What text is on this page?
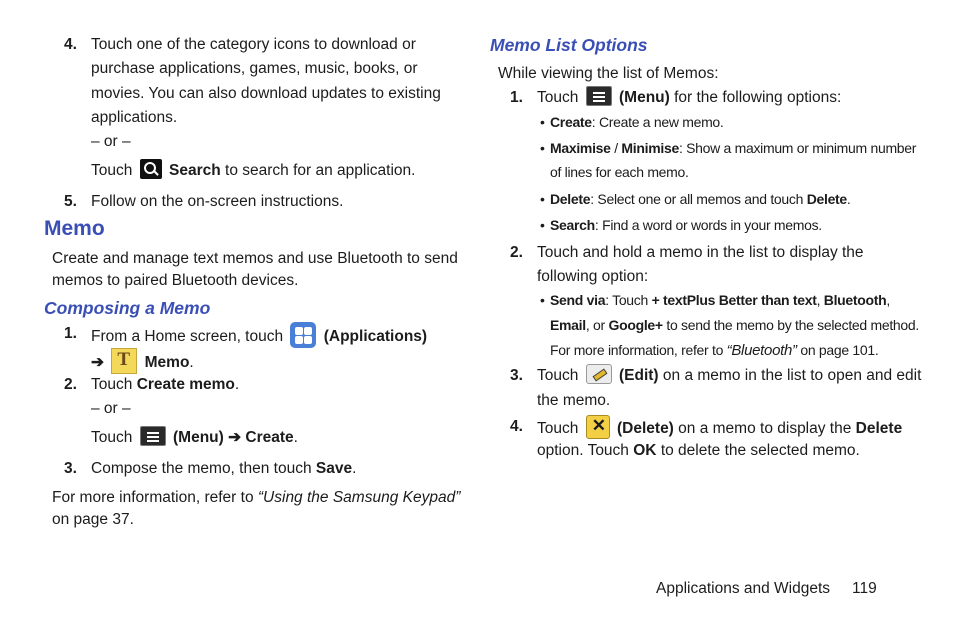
4. Touch one of the category icons to download or
purchase applications, games, music, books, or
movies. You can also download updates to existing
applications.
– or –
Touch Search to search for an application.
5. Follow on the on-screen instructions.
Memo
Create and manage text memos and use Bluetooth to send
memos to paired Bluetooth devices.
Composing a Memo
1. From a Home screen, touch	(Applications)
➔ T Memo.
2. Touch Create memo.
– or –
Touch	(Menu) ➔ Create.
3. Compose the memo, then touch Save.
For more information, refer to “Using the Samsung Keypad”
on page 37.
Memo List Options
While viewing the list of Memos:
1. Touch	(Menu) for the following options:
• Create: Create a new memo.
• Maximise / Minimise: Show a maximum or minimum number
of lines for each memo.
• Delete: Select one or all memos and touch Delete.
• Search: Find a word or words in your memos.
2. Touch and hold a memo in the list to display the
following option:
• Send via: Touch + textPlus Better than text, Bluetooth,
Email, or Google+ to send the memo by the selected method.
For more information, refer to “Bluetooth” on page 101.
3. Touch	(Edit) on a memo in the list to open and edit
the memo.
4. Touch ✕ (Delete) on a memo to display the Delete
option. Touch OK to delete the selected memo.
Applications and Widgets 119
